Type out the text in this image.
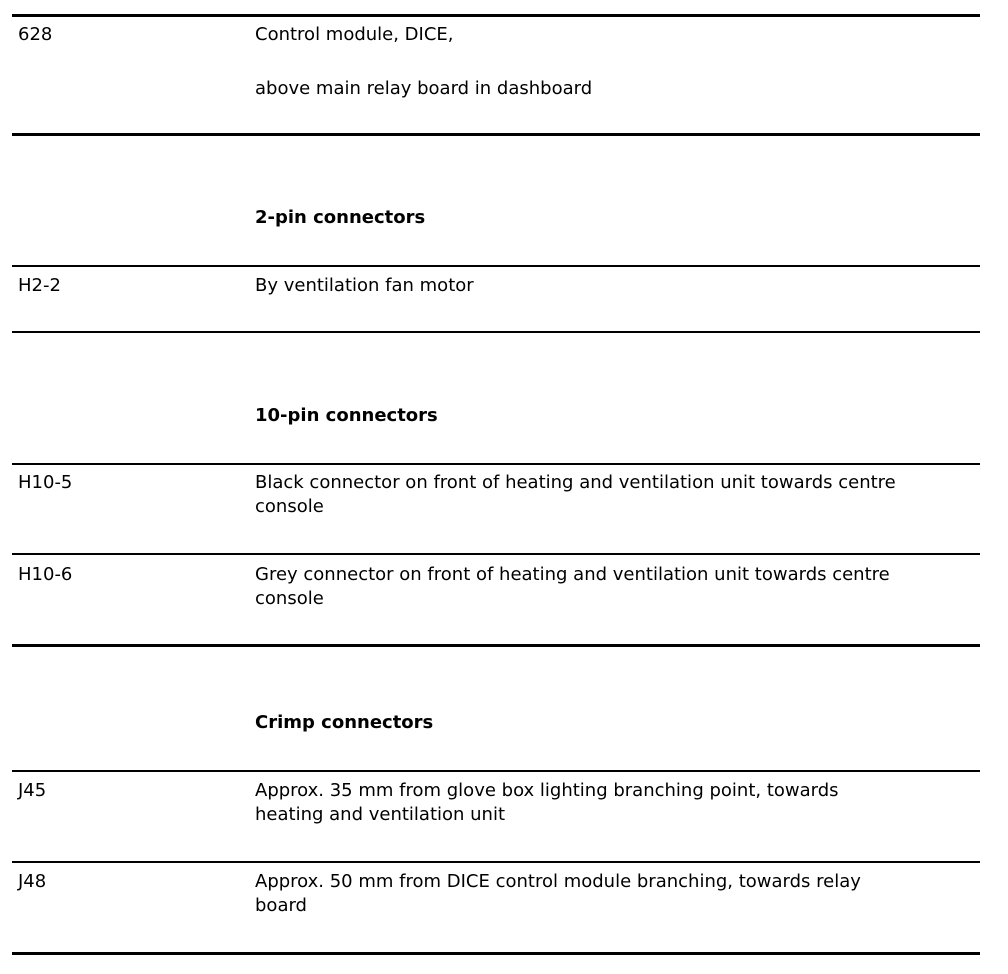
628	Control module, DICE,
above main relay board in dashboard
2-pin connectors
H2-2	By ventilation fan motor
10-pin connectors
H10-5	Black connector on front of heating and ventilation unit towards centre
console
H10-6	Grey connector on front of heating and ventilation unit towards centre
console
Crimp connectors
J45	Approx. 35 mm from glove box lighting branching point, towards
heating and ventilation unit
J48	Approx. 50 mm from DICE control module branching, towards relay
board
